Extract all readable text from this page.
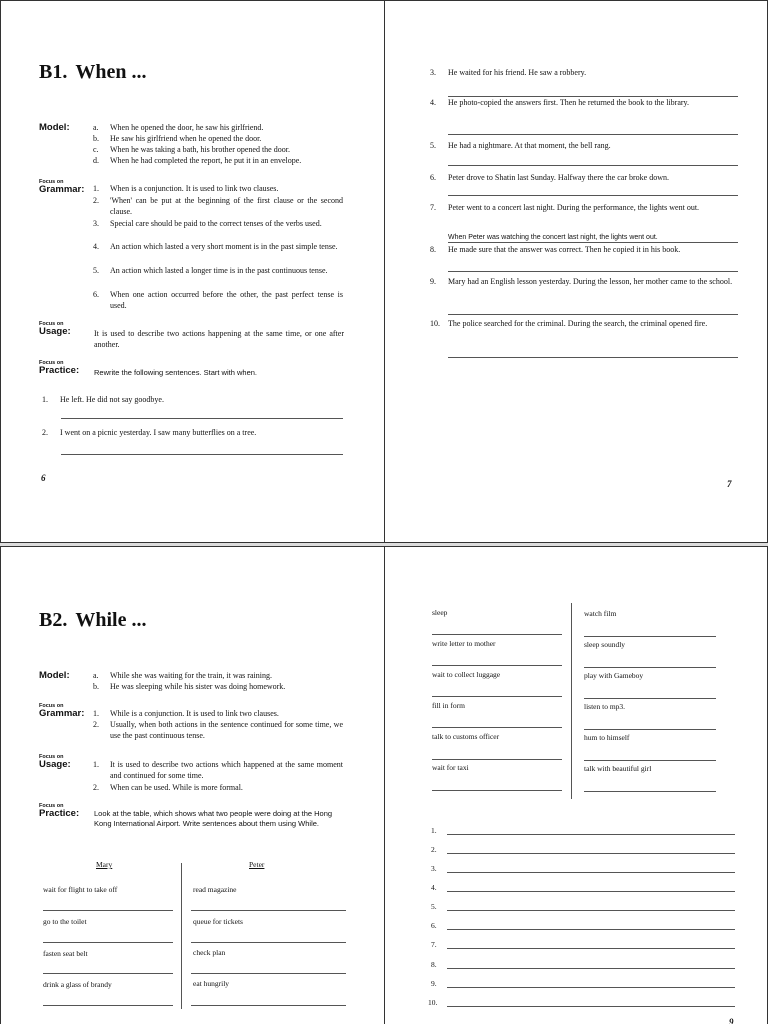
B1. When ...
Model:	a. When he opened the door, he saw his girlfriend.
b. He saw his girlfriend when he opened the door.
c. When he was taking a bath, his brother opened the door.
d. When he had completed the report, he put it in an envelope.
Focus on
Grammar: 1. When is a conjunction. It is used to link two clauses.
2. 'When' can be put at the beginning of the first clause or the second clause.
3. Special care should be paid to the correct tenses of the verbs used.
4. An action which lasted a very short moment is in the past simple tense.
5. An action which lasted a longer time is in the past continuous tense.
6. When one action occurred before the other, the past perfect tense is used.
Focus on
Usage:	It is used to describe two actions happening at the same time, or one after another.
Focus on
Practice: Rewrite the following sentences. Start with when.
1. He left. He did not say goodbye.
2. I went on a picnic yesterday. I saw many butterflies on a tree.
6
3. He waited for his friend. He saw a robbery.
4. He photo-copied the answers first. Then he returned the book to the library.
5. He had a nightmare. At that moment, the bell rang.
6. Peter drove to Shatin last Sunday. Halfway there the car broke down.
7. Peter went to a concert last night. During the performance, the lights went out.
When Peter was watching the concert last night, the lights went out.
8. He made sure that the answer was correct. Then he copied it in his book.
9. Mary had an English lesson yesterday. During the lesson, her mother came to the school.
10. The police searched for the criminal. During the search, the criminal opened fire.
7
B2. While ...
Model:	a. While she was waiting for the train, it was raining.
b. He was sleeping while his sister was doing homework.
Focus on
Grammar: 1. While is a conjunction. It is used to link two clauses.
2. Usually, when both actions in the sentence continued for some time, we use the past continuous tense.
Focus on
Usage:	1. It is used to describe two actions which happened at the same moment and continued for some time.
2. When can be used. While is more formal.
Focus on
Practice: Look at the table, which shows what two people were doing at the Hong Kong International Airport. Write sentences about them using While.
Mary	Peter
wait for flight to take off	read magazine
go to the toilet	queue for tickets
fasten seat belt	check plan
drink a glass of brandy	eat hungrily
sleep	watch film
write letter to mother	sleep soundly
wait to collect luggage	play with Gameboy
fill in form	listen to mp3.
talk to customs officer	hum to himself
wait for taxi	talk with beautiful girl
1.
2.
3.
4.
5.
6.
7.
8.
9.
10.
9
